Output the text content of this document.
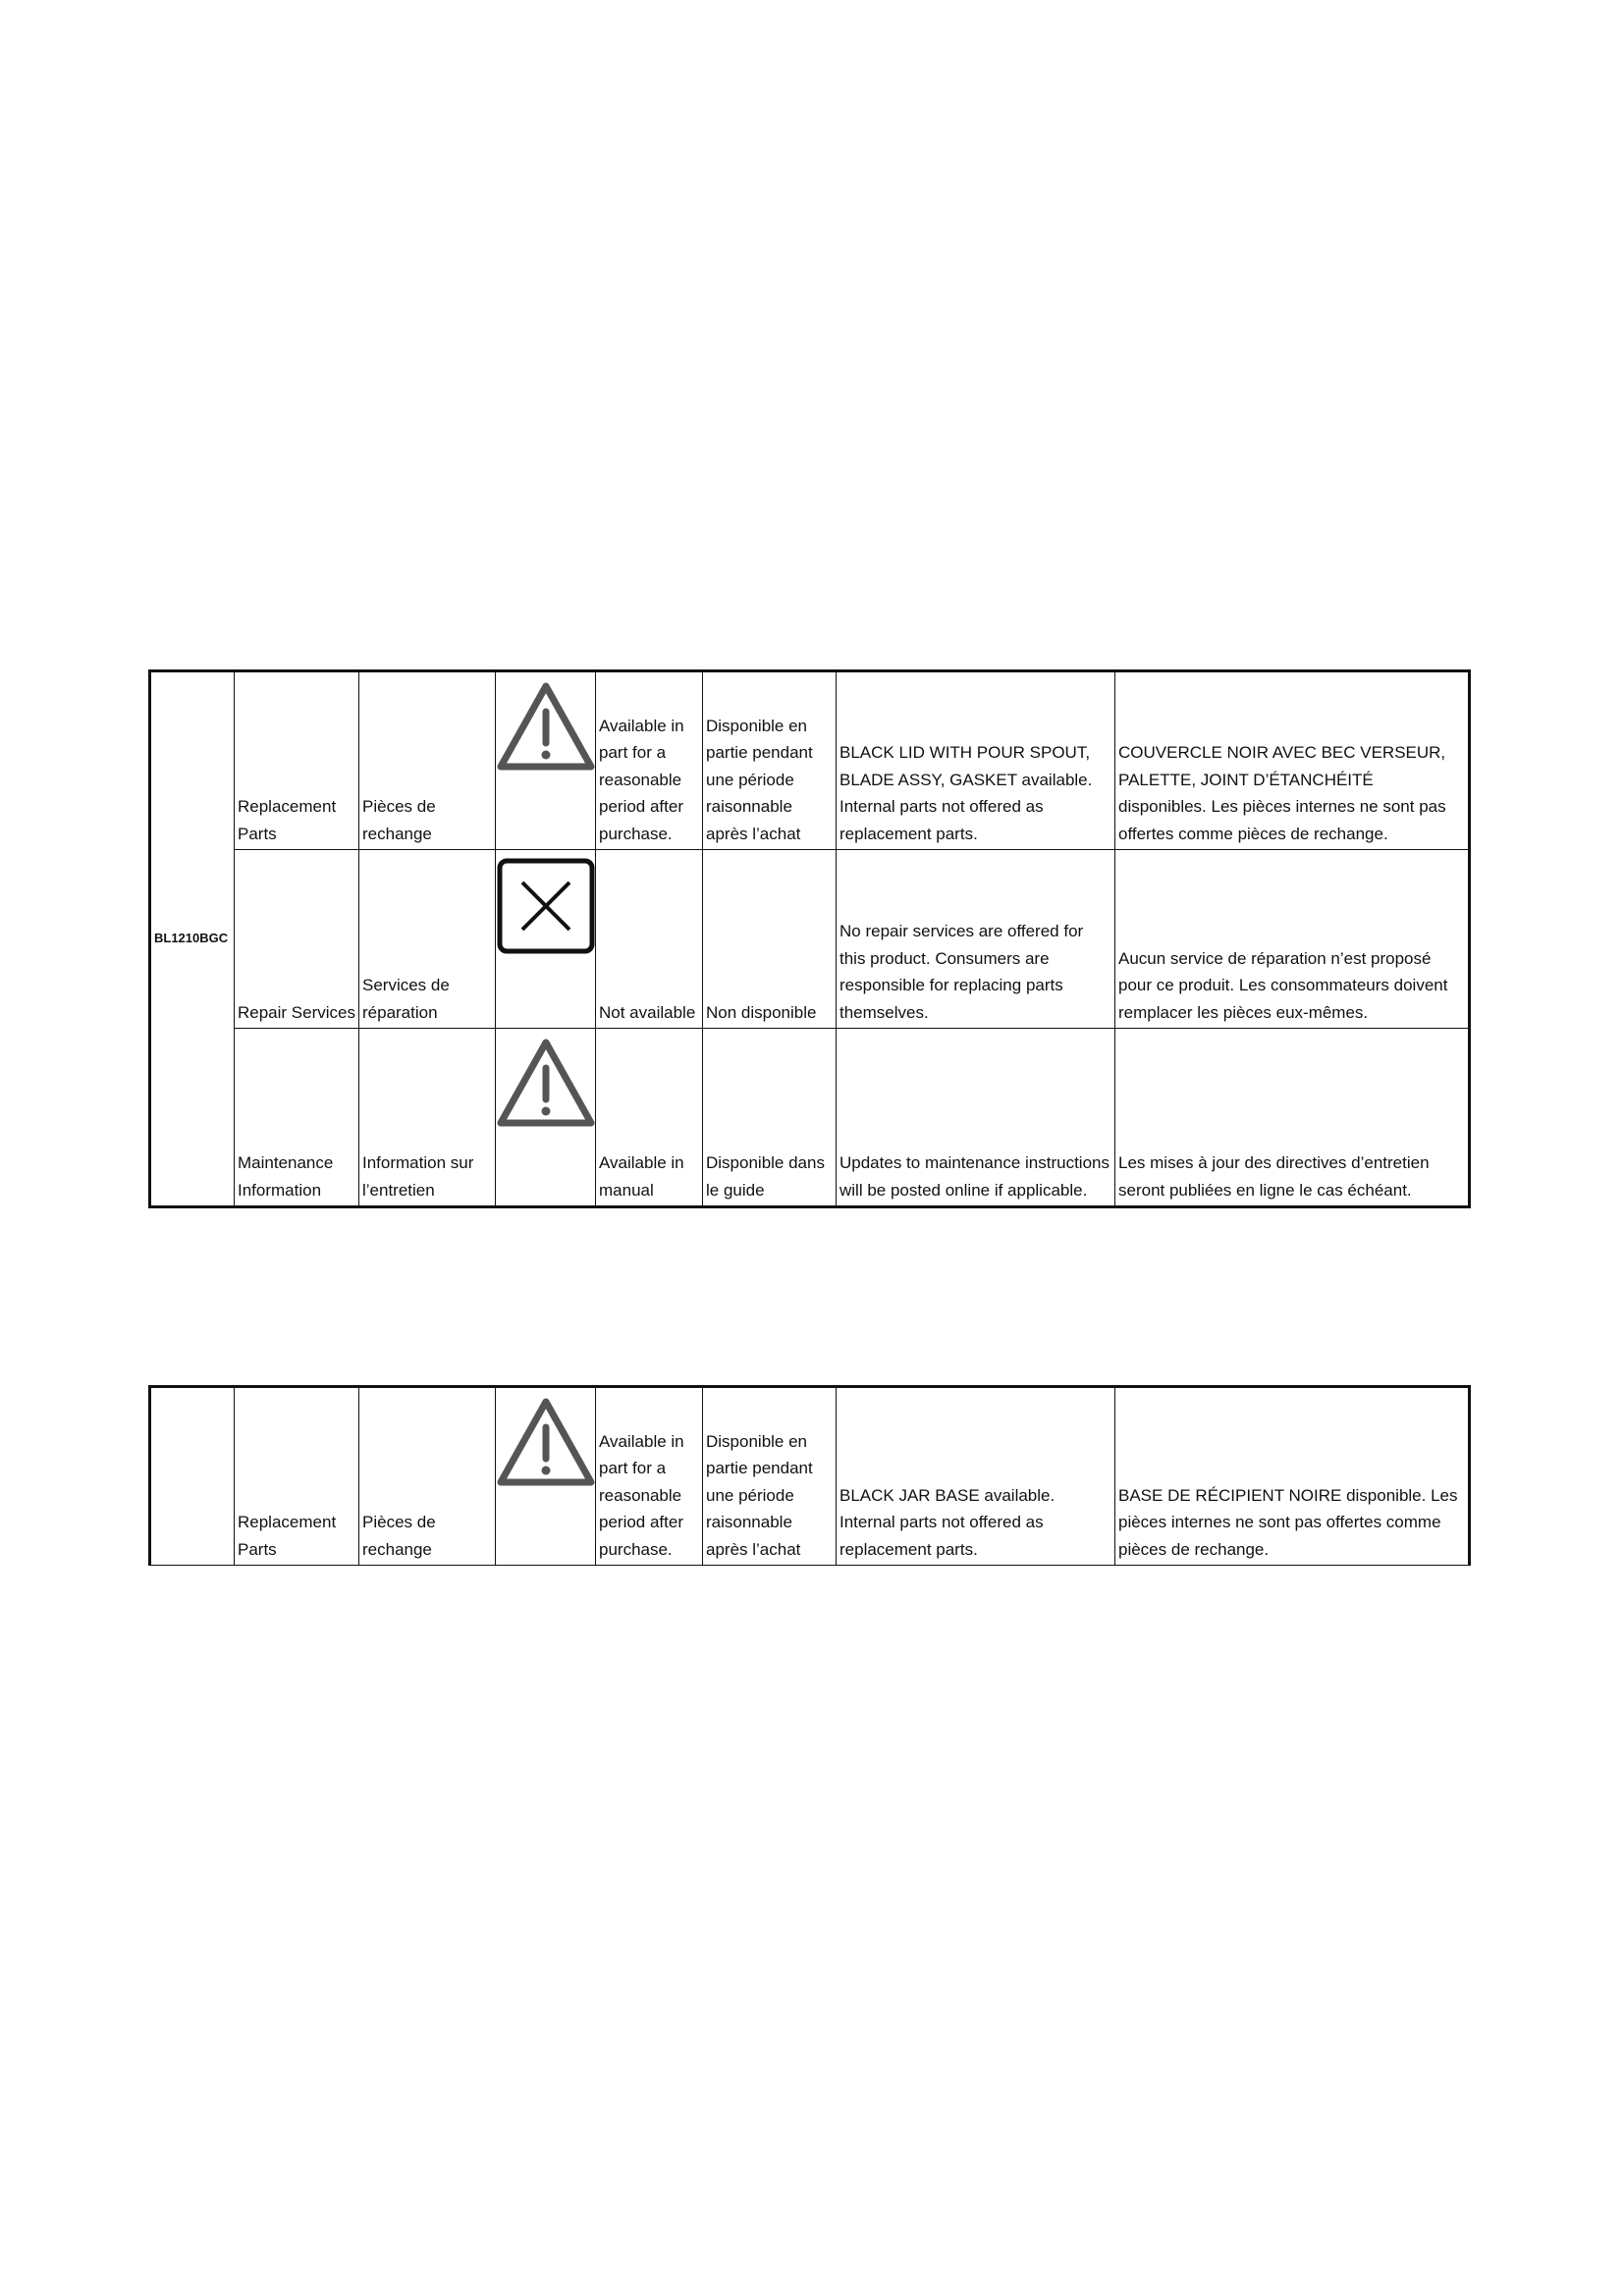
BL1210BGC	Replacement Parts	Pièces de rechange		Available in part for a reasonable period after purchase.	Disponible en partie pendant une période raisonnable après l’achat	BLACK LID WITH POUR SPOUT, BLADE ASSY, GASKET available. Internal parts not offered as replacement parts.	COUVERCLE NOIR AVEC BEC VERSEUR, PALETTE, JOINT D’ÉTANCHÉITÉ disponibles. Les pièces internes ne sont pas offertes comme pièces de rechange.
	Repair Services	Services de réparation		Not available	Non disponible	No repair services are offered for this product. Consumers are responsible for replacing parts themselves.	Aucun service de réparation n’est proposé pour ce produit. Les consommateurs doivent remplacer les pièces eux-mêmes.
	Maintenance Information	Information sur l’entretien		Available in manual	Disponible dans le guide	Updates to maintenance instructions will be posted online if applicable.	Les mises à jour des directives d’entretien seront publiées en ligne le cas échéant.
	Replacement Parts	Pièces de rechange		Available in part for a reasonable period after purchase.	Disponible en partie pendant une période raisonnable après l’achat	BLACK JAR BASE available. Internal parts not offered as replacement parts.	BASE DE RÉCIPIENT NOIRE disponible. Les pièces internes ne sont pas offertes comme pièces de rechange.
